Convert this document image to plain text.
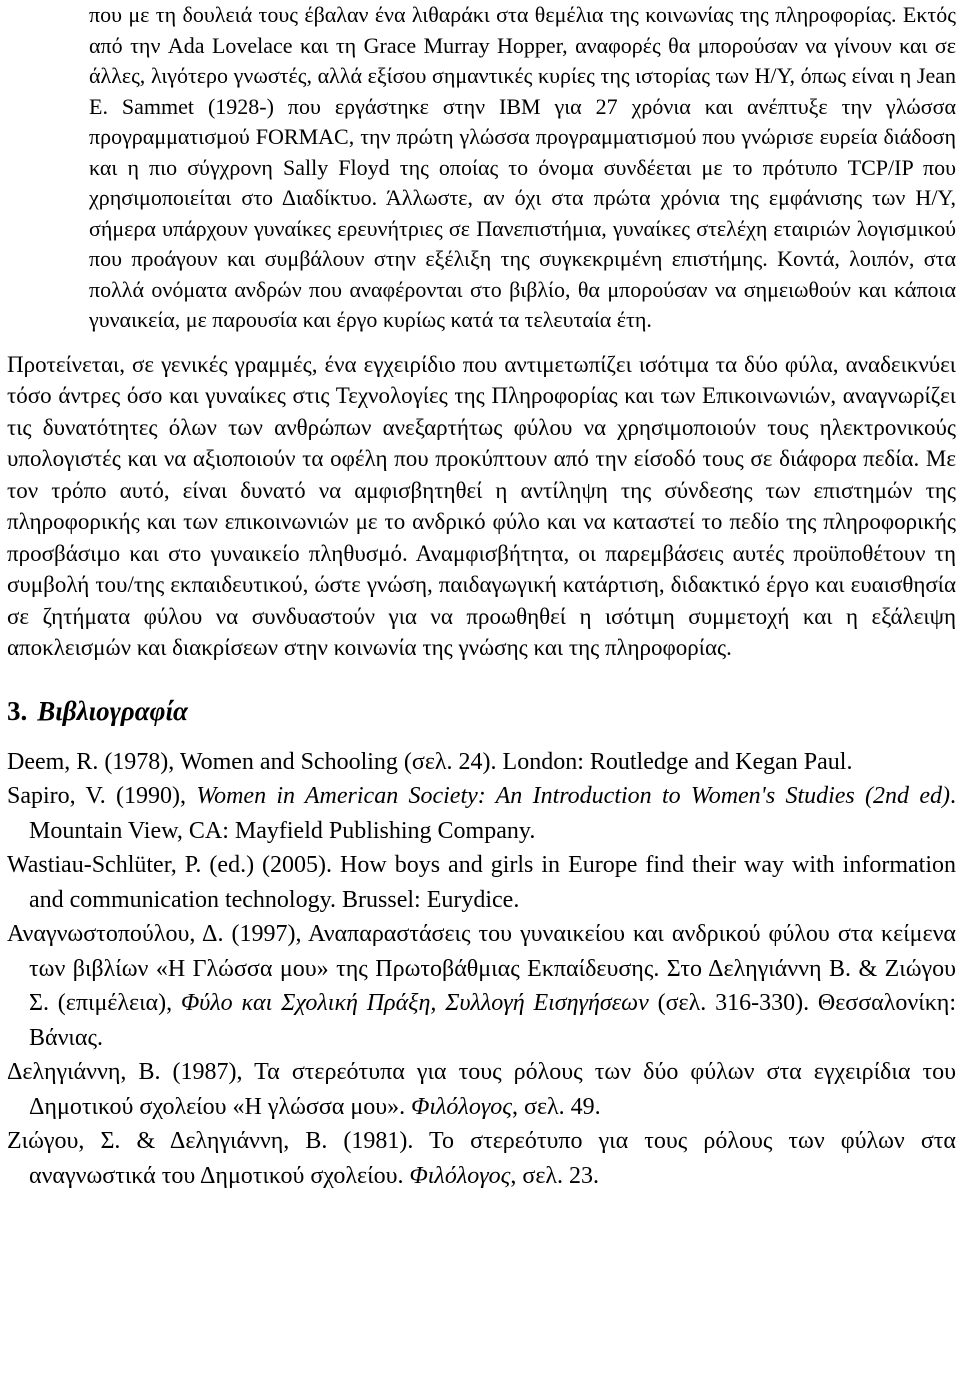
που με τη δουλειά τους έβαλαν ένα λιθαράκι στα θεμέλια της κοινωνίας της πληροφορίας. Εκτός από την Ada Lovelace και τη Grace Murray Hopper, αναφορές θα μπορούσαν να γίνουν και σε άλλες, λιγότερο γνωστές, αλλά εξίσου σημαντικές κυρίες της ιστορίας των Η/Υ, όπως είναι η Jean E. Sammet (1928-) που εργάστηκε στην IBM για 27 χρόνια και ανέπτυξε την γλώσσα προγραμματισμού FORMAC, την πρώτη γλώσσα προγραμματισμού που γνώρισε ευρεία διάδοση και η πιο σύγχρονη Sally Floyd της οποίας το όνομα συνδέεται με το πρότυπο TCP/IP που χρησιμοποιείται στο Διαδίκτυο. Άλλωστε, αν όχι στα πρώτα χρόνια της εμφάνισης των Η/Υ, σήμερα υπάρχουν γυναίκες ερευνήτριες σε Πανεπιστήμια, γυναίκες στελέχη εταιριών λογισμικού που προάγουν και συμβάλουν στην εξέλιξη της συγκεκριμένη επιστήμης. Κοντά, λοιπόν, στα πολλά ονόματα ανδρών που αναφέρονται στο βιβλίο, θα μπορούσαν να σημειωθούν και κάποια γυναικεία, με παρουσία και έργο κυρίως κατά τα τελευταία έτη.

Προτείνεται, σε γενικές γραμμές, ένα εγχειρίδιο που αντιμετωπίζει ισότιμα τα δύο φύλα, αναδεικνύει τόσο άντρες όσο και γυναίκες στις Τεχνολογίες της Πληροφορίας και των Επικοινωνιών, αναγνωρίζει τις δυνατότητες όλων των ανθρώπων ανεξαρτήτως φύλου να χρησιμοποιούν τους ηλεκτρονικούς υπολογιστές και να αξιοποιούν τα οφέλη που προκύπτουν από την είσοδό τους σε διάφορα πεδία. Με τον τρόπο αυτό, είναι δυνατό να αμφισβητηθεί η αντίληψη της σύνδεσης των επιστημών της πληροφορικής και των επικοινωνιών με το ανδρικό φύλο και να καταστεί το πεδίο της πληροφορικής προσβάσιμο και στο γυναικείο πληθυσμό. Αναμφισβήτητα, οι παρεμβάσεις αυτές προϋποθέτουν τη συμβολή του/της εκπαιδευτικού, ώστε γνώση, παιδαγωγική κατάρτιση, διδακτικό έργο και ευαισθησία σε ζητήματα φύλου να συνδυαστούν για να προωθηθεί η ισότιμη συμμετοχή και η εξάλειψη αποκλεισμών και διακρίσεων στην κοινωνία της γνώσης και της πληροφορίας.

3. Βιβλιογραφία

Deem, R. (1978), Women and Schooling (σελ. 24). London: Routledge and Kegan Paul.

Sapiro, V. (1990), Women in American Society: An Introduction to Women's Studies (2nd ed). Mountain View, CA: Mayfield Publishing Company.

Wastiau-Schlüter, P. (ed.) (2005). How boys and girls in Europe find their way with information and communication technology. Brussel: Eurydice.

Αναγνωστοπούλου, Δ. (1997), Αναπαραστάσεις του γυναικείου και ανδρικού φύλου στα κείμενα των βιβλίων «Η Γλώσσα μου» της Πρωτοβάθμιας Εκπαίδευσης. Στο Δεληγιάννη Β. & Ζιώγου Σ. (επιμέλεια), Φύλο και Σχολική Πράξη, Συλλογή Εισηγήσεων (σελ. 316-330). Θεσσαλονίκη: Βάνιας.

Δεληγιάννη, Β. (1987), Τα στερεότυπα για τους ρόλους των δύο φύλων στα εγχειρίδια του Δημοτικού σχολείου «Η γλώσσα μου». Φιλόλογος, σελ. 49.

Ζιώγου, Σ. & Δεληγιάννη, Β. (1981). Το στερεότυπο για τους ρόλους των φύλων στα αναγνωστικά του Δημοτικού σχολείου. Φιλόλογος, σελ. 23.
